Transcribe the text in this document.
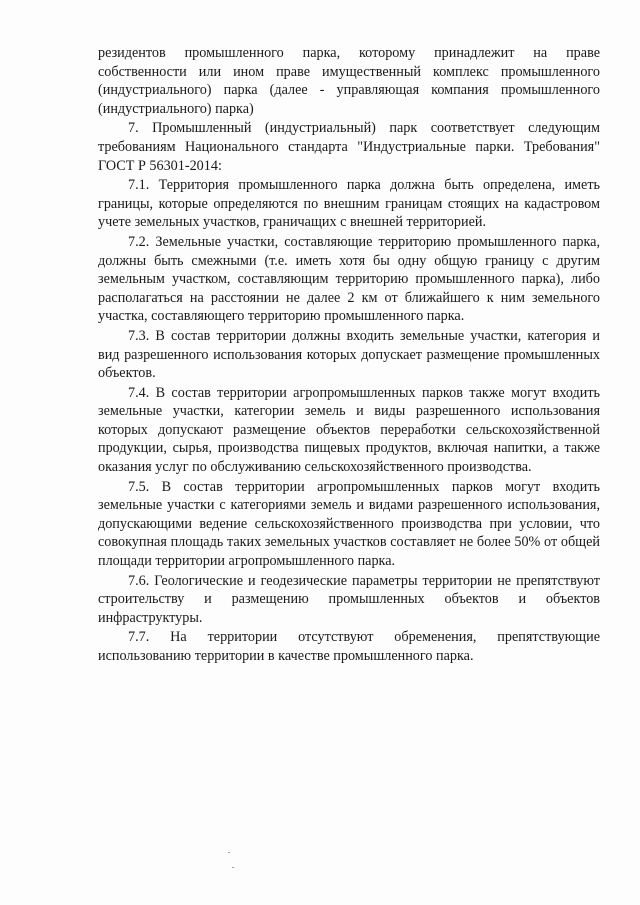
резидентов промышленного парка, которому принадлежит на праве собственности или ином праве имущественный комплекс промышленного (индустриального) парка (далее - управляющая компания промышленного (индустриального) парка)

7. Промышленный (индустриальный) парк соответствует следующим требованиям Национального стандарта "Индустриальные парки. Требования" ГОСТ Р 56301-2014:

7.1. Территория промышленного парка должна быть определена, иметь границы, которые определяются по внешним границам стоящих на кадастровом учете земельных участков, граничащих с внешней территорией.

7.2. Земельные участки, составляющие территорию промышленного парка, должны быть смежными (т.е. иметь хотя бы одну общую границу с другим земельным участком, составляющим территорию промышленного парка), либо располагаться на расстоянии не далее 2 км от ближайшего к ним земельного участка, составляющего территорию промышленного парка.

7.3. В состав территории должны входить земельные участки, категория и вид разрешенного использования которых допускает размещение промышленных объектов.

7.4. В состав территории агропромышленных парков также могут входить земельные участки, категории земель и виды разрешенного использования которых допускают размещение объектов переработки сельскохозяйственной продукции, сырья, производства пищевых продуктов, включая напитки, а также оказания услуг по обслуживанию сельскохозяйственного производства.

7.5. В состав территории агропромышленных парков могут входить земельные участки с категориями земель и видами разрешенного использования, допускающими ведение сельскохозяйственного производства при условии, что совокупная площадь таких земельных участков составляет не более 50% от общей площади территории агропромышленного парка.

7.6. Геологические и геодезические параметры территории не препятствуют строительству и размещению промышленных объектов и объектов инфраструктуры.

7.7. На территории отсутствуют обременения, препятствующие использованию территории в качестве промышленного парка.
